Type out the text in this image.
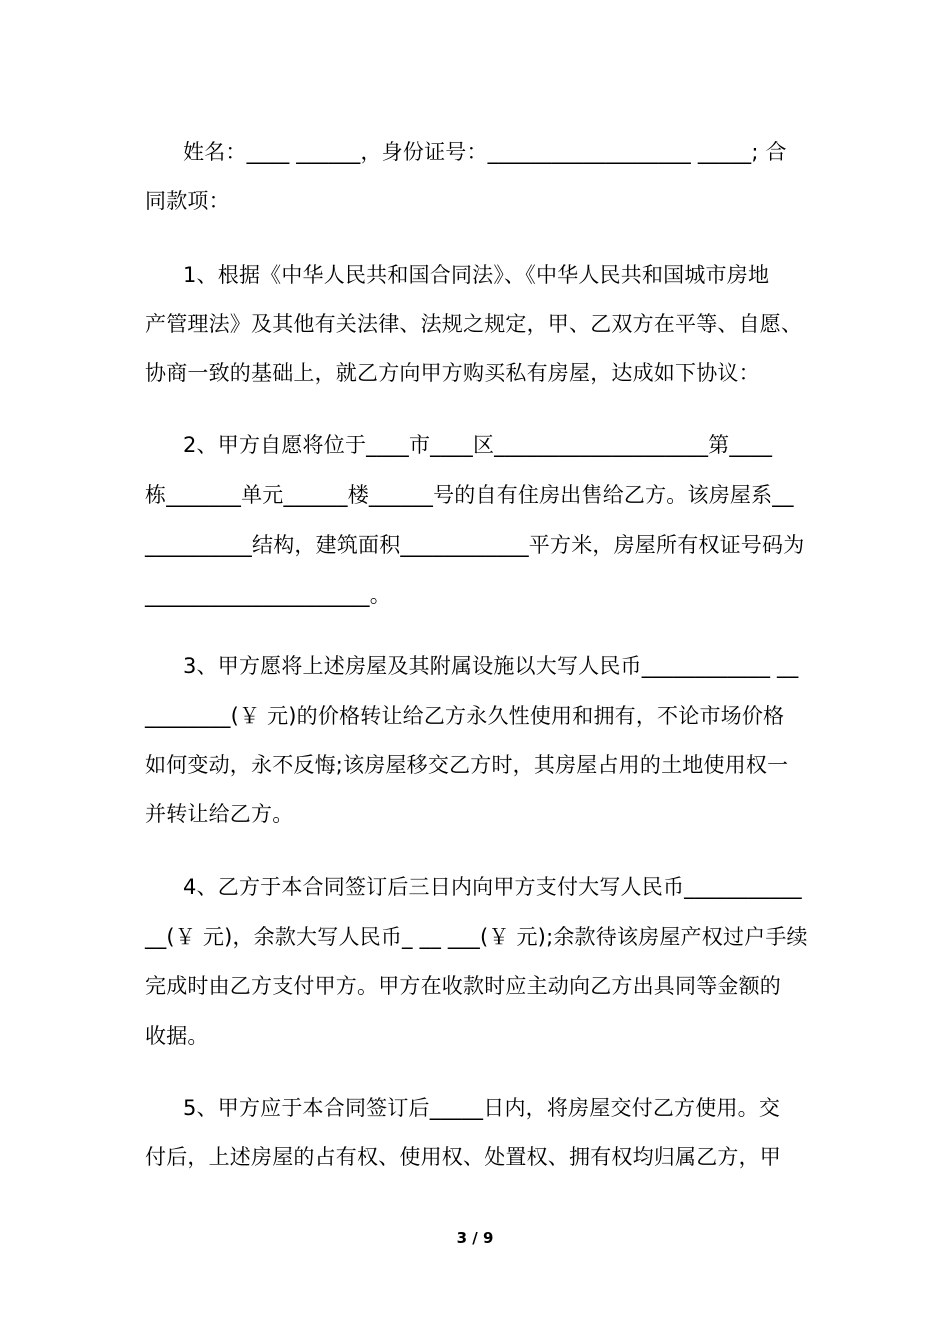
姓名：____ ______，身份证号：___________________ _____; 合
同款项：
1、根据《中华人民共和国合同法》、《中华人民共和国城市房地
产管理法》及其他有关法律、法规之规定，甲、乙双方在平等、自愿、
协商一致的基础上，就乙方向甲方购买私有房屋，达成如下协议：
2、甲方自愿将位于____市____区____________________第____
栋_______单元______楼______号的自有住房出售给乙方。该房屋系__
__________结构，建筑面积____________平方米，房屋所有权证号码为
_____________________。
3、甲方愿将上述房屋及其附属设施以大写人民币____________ __
________(￥ 元)的价格转让给乙方永久性使用和拥有，不论市场价格
如何变动，永不反悔;该房屋移交乙方时，其房屋占用的土地使用权一
并转让给乙方。
4、乙方于本合同签订后三日内向甲方支付大写人民币___________
__(￥ 元)，余款大写人民币_ __ ___(￥ 元);余款待该房屋产权过户手续
完成时由乙方支付甲方。甲方在收款时应主动向乙方出具同等金额的
收据。
5、甲方应于本合同签订后_____日内，将房屋交付乙方使用。交
付后，上述房屋的占有权、使用权、处置权、拥有权均归属乙方，甲
3 / 9
